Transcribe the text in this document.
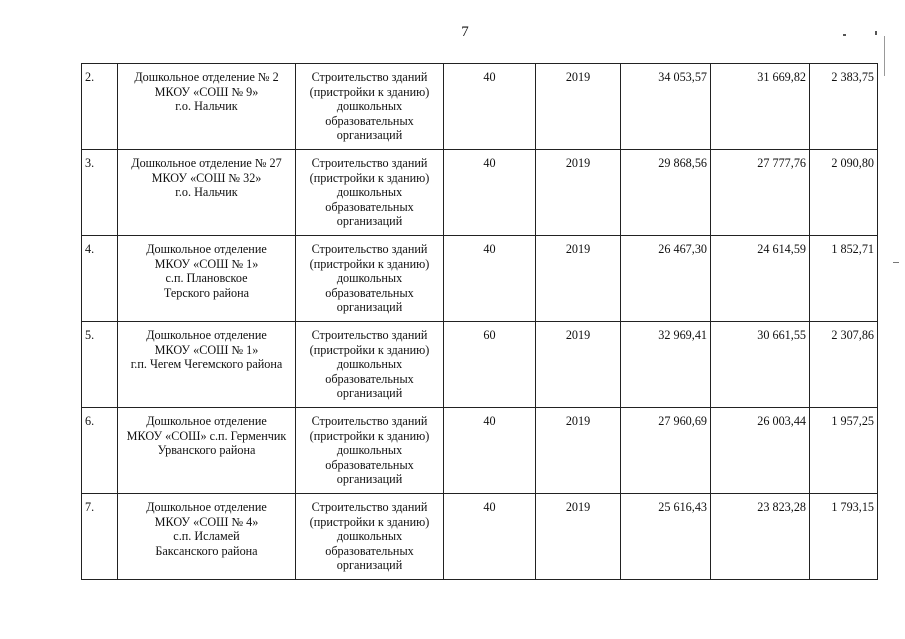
7
2.	Дошкольное отделение № 2
МКОУ «СОШ № 9»
г.о. Нальчик	Строительство зданий
(пристройки к зданию)
дошкольных
образовательных
организаций	40	2019	34 053,57	31 669,82	2 383,75
3.	Дошкольное отделение № 27
МКОУ «СОШ № 32»
г.о. Нальчик	Строительство зданий
(пристройки к зданию)
дошкольных
образовательных
организаций	40	2019	29 868,56	27 777,76	2 090,80
4.	Дошкольное отделение
МКОУ «СОШ № 1»
с.п. Плановское
Терского района	Строительство зданий
(пристройки к зданию)
дошкольных
образовательных
организаций	40	2019	26 467,30	24 614,59	1 852,71
5.	Дошкольное отделение
МКОУ «СОШ № 1»
г.п. Чегем Чегемского района	Строительство зданий
(пристройки к зданию)
дошкольных
образовательных
организаций	60	2019	32 969,41	30 661,55	2 307,86
6.	Дошкольное отделение
МКОУ «СОШ» с.п. Герменчик
Урванского района	Строительство зданий
(пристройки к зданию)
дошкольных
образовательных
организаций	40	2019	27 960,69	26 003,44	1 957,25
7.	Дошкольное отделение
МКОУ «СОШ № 4»
с.п. Исламей
Баксанского района	Строительство зданий
(пристройки к зданию)
дошкольных
образовательных
организаций	40	2019	25 616,43	23 823,28	1 793,15
